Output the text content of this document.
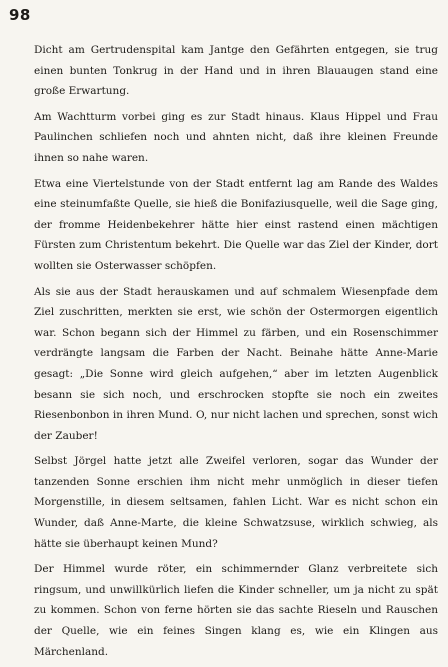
98

Dicht am Gertrudenspital kam Jantge den Gefährten entgegen, sie trug einen bunten Tonkrug in der Hand und in ihren Blauaugen stand eine große Erwartung.

Am Wachtturm vorbei ging es zur Stadt hinaus. Klaus Hippel und Frau Paulinchen schliefen noch und ahnten nicht, daß ihre kleinen Freunde ihnen so nahe waren.

Etwa eine Viertelstunde von der Stadt entfernt lag am Rande des Waldes eine steinumfaßte Quelle, sie hieß die Bonifaziusquelle, weil die Sage ging, der fromme Heidenbekehrer hätte hier einst rastend einen mächtigen Fürsten zum Christentum bekehrt. Die Quelle war das Ziel der Kinder, dort wollten sie Osterwasser schöpfen.

Als sie aus der Stadt herauskamen und auf schmalem Wiesenpfade dem Ziel zuschritten, merkten sie erst, wie schön der Ostermorgen eigentlich war. Schon begann sich der Himmel zu färben, und ein Rosenschimmer verdrängte langsam die Farben der Nacht. Beinahe hätte Anne-Marie gesagt: „Die Sonne wird gleich aufgehen,“ aber im letzten Augenblick besann sie sich noch, und erschrocken stopfte sie noch ein zweites Riesenbonbon in ihren Mund. O, nur nicht lachen und sprechen, sonst wich der Zauber!

Selbst Jörgel hatte jetzt alle Zweifel verloren, sogar das Wunder der tanzenden Sonne erschien ihm nicht mehr unmöglich in dieser tiefen Morgenstille, in diesem seltsamen, fahlen Licht. War es nicht schon ein Wunder, daß Anne-Marte, die kleine Schwatzsuse, wirklich schwieg, als hätte sie überhaupt keinen Mund?

Der Himmel wurde röter, ein schimmernder Glanz verbreitete sich ringsum, und unwillkürlich liefen die Kinder schneller, um ja nicht zu spät zu kommen. Schon von ferne hörten sie das sachte Rieseln und Rauschen der Quelle, wie ein feines Singen klang es, wie ein Klingen aus Märchenland.
